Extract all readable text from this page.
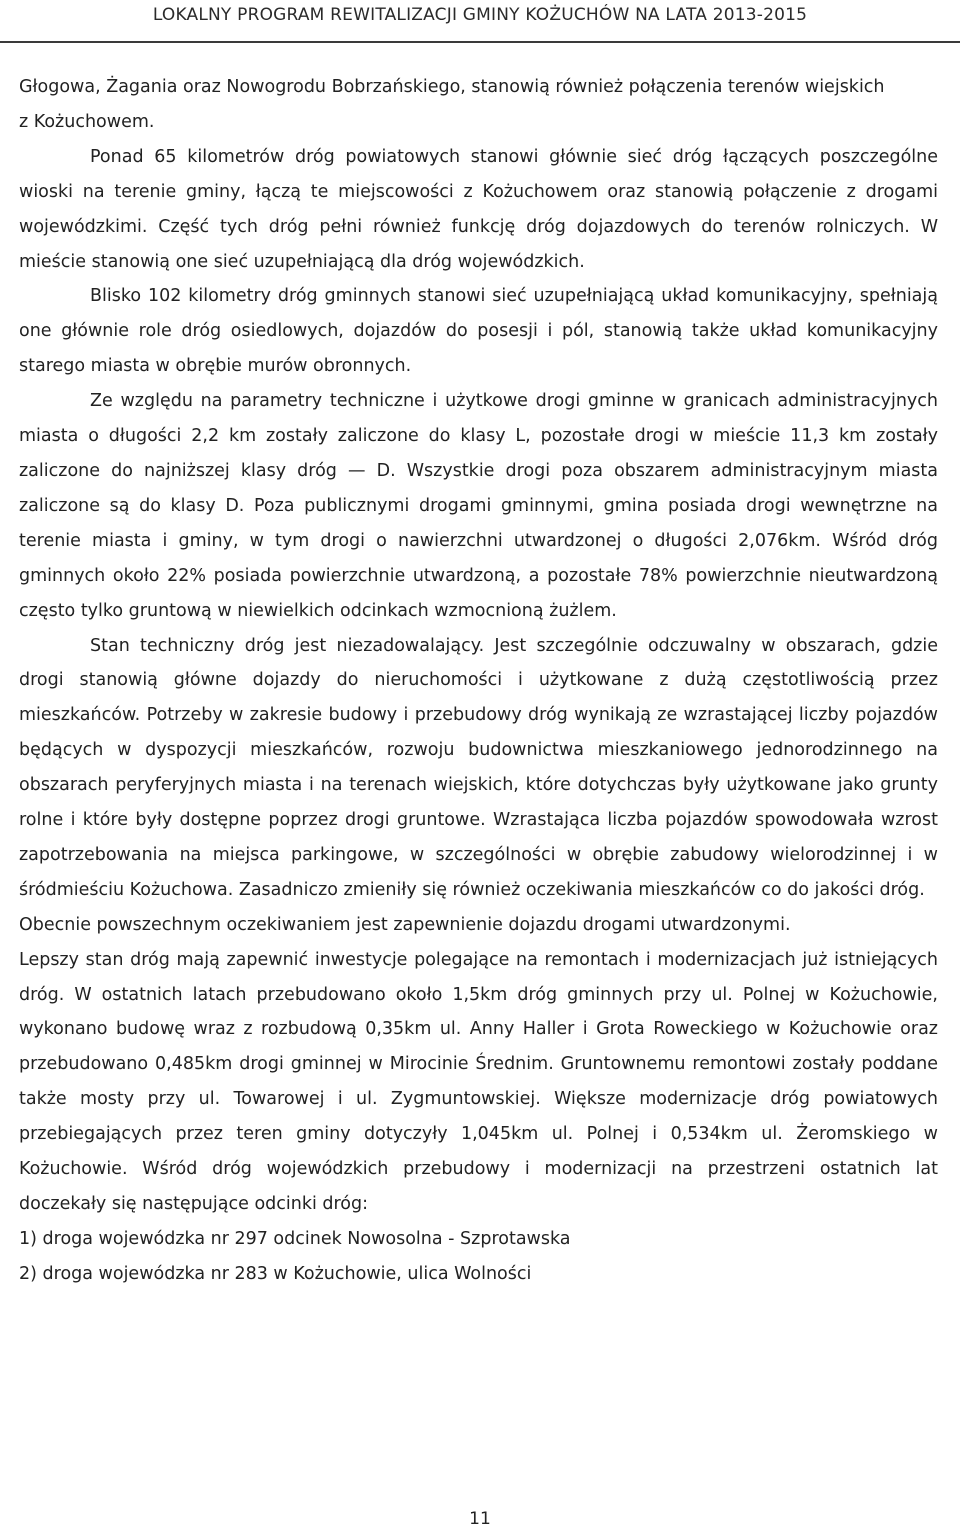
LOKALNY PROGRAM REWITALIZACJI GMINY KOŻUCHÓW NA LATA 2013-2015

Głogowa, Żagania oraz Nowogrodu Bobrzańskiego, stanowią również połączenia terenów wiejskich

z Kożuchowem.

Ponad 65 kilometrów dróg powiatowych stanowi głównie sieć dróg łączących poszczególne wioski na terenie gminy, łączą te miejscowości z Kożuchowem oraz stanowią połączenie z drogami wojewódzkimi. Część tych dróg pełni również funkcję dróg dojazdowych do terenów rolniczych. W mieście stanowią one sieć uzupełniającą dla dróg wojewódzkich.

Blisko 102 kilometry dróg gminnych stanowi sieć uzupełniającą układ komunikacyjny, spełniają one głównie role dróg osiedlowych, dojazdów do posesji i pól, stanowią także układ komunikacyjny starego miasta w obrębie murów obronnych.

Ze względu na parametry techniczne i użytkowe drogi gminne w granicach administracyjnych miasta o długości 2,2 km zostały zaliczone do klasy L, pozostałe drogi w mieście 11,3 km zostały zaliczone do najniższej klasy dróg — D. Wszystkie drogi poza obszarem administracyjnym miasta zaliczone są do klasy D. Poza publicznymi drogami gminnymi, gmina posiada drogi wewnętrzne na terenie miasta i gminy, w tym drogi o nawierzchni utwardzonej o długości 2,076km. Wśród dróg gminnych około 22% posiada powierzchnie utwardzoną, a pozostałe 78% powierzchnie nieutwardzoną często tylko gruntową w niewielkich odcinkach wzmocnioną żużlem.

Stan techniczny dróg jest niezadowalający. Jest szczególnie odczuwalny w obszarach, gdzie drogi stanowią główne dojazdy do nieruchomości i użytkowane z dużą częstotliwością przez mieszkańców. Potrzeby w zakresie budowy i przebudowy dróg wynikają ze wzrastającej liczby pojazdów będących w dyspozycji mieszkańców, rozwoju budownictwa mieszkaniowego jednorodzinnego na obszarach peryferyjnych miasta i na terenach wiejskich, które dotychczas były użytkowane jako grunty rolne i które były dostępne poprzez drogi gruntowe. Wzrastająca liczba pojazdów spowodowała wzrost zapotrzebowania na miejsca parkingowe, w szczególności w obrębie zabudowy wielorodzinnej i w śródmieściu Kożuchowa. Zasadniczo zmieniły się również oczekiwania mieszkańców co do jakości dróg.

Obecnie powszechnym oczekiwaniem jest zapewnienie dojazdu drogami utwardzonymi.

Lepszy stan dróg mają zapewnić inwestycje polegające na remontach i modernizacjach już istniejących dróg. W ostatnich latach przebudowano około 1,5km dróg gminnych przy ul. Polnej w Kożuchowie, wykonano budowę wraz z rozbudową 0,35km ul. Anny Haller i Grota Roweckiego w Kożuchowie oraz przebudowano 0,485km drogi gminnej w Mirocinie Średnim. Gruntownemu remontowi zostały poddane także mosty przy ul. Towarowej i ul. Zygmuntowskiej. Większe modernizacje dróg powiatowych przebiegających przez teren gminy dotyczyły 1,045km ul. Polnej i 0,534km ul. Żeromskiego w Kożuchowie. Wśród dróg wojewódzkich przebudowy i modernizacji na przestrzeni ostatnich lat doczekały się następujące odcinki dróg:

1) droga wojewódzka nr 297 odcinek Nowosolna - Szprotawska

2) droga wojewódzka nr 283 w Kożuchowie, ulica Wolności

11
